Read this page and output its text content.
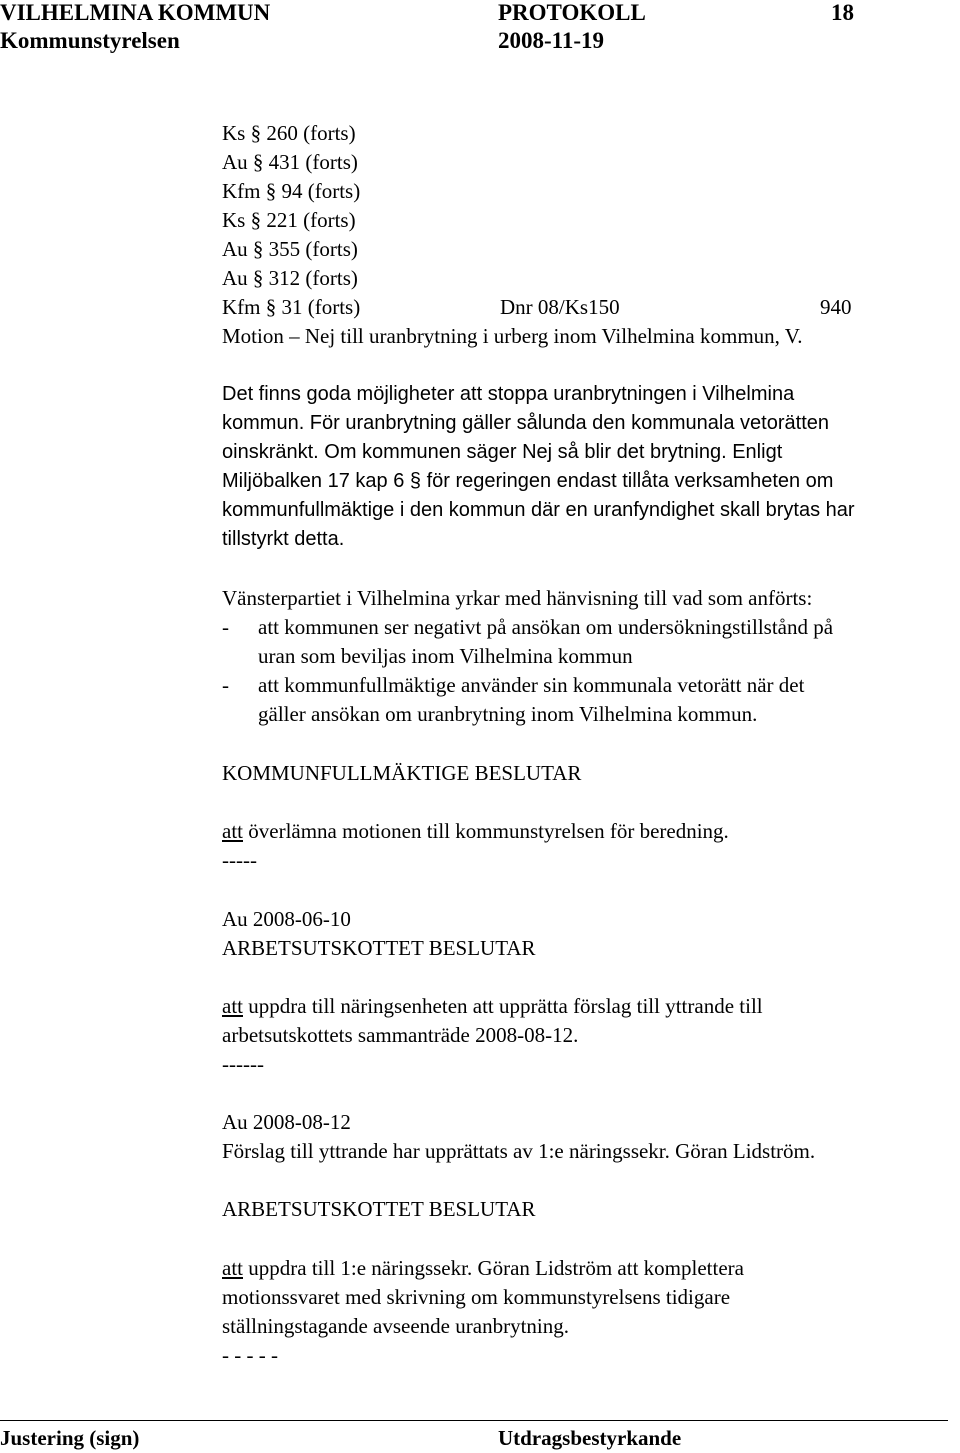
VILHELMINA KOMMUN	PROTOKOLL	18
Kommunstyrelsen	2008-11-19
Ks § 260 (forts)
Au § 431 (forts)
Kfm § 94 (forts)
Ks § 221 (forts)
Au § 355 (forts)
Au § 312 (forts)
Kfm § 31 (forts)	Dnr 08/Ks150	940
Motion – Nej till uranbrytning i urberg inom Vilhelmina kommun, V.
Det finns goda möjligheter att stoppa uranbrytningen i Vilhelmina
kommun. För uranbrytning gäller sålunda den kommunala vetorätten
oinskränkt. Om kommunen säger Nej så blir det brytning. Enligt
Miljöbalken 17 kap 6 § för regeringen endast tillåta verksamheten om
kommunfullmäktige i den kommun där en uranfyndighet skall brytas har
tillstyrkt detta.
Vänsterpartiet i Vilhelmina yrkar med hänvisning till vad som anförts:
- att kommunen ser negativt på ansökan om undersökningstillstånd på
uran som beviljas inom Vilhelmina kommun
- att kommunfullmäktige använder sin kommunala vetorätt när det
gäller ansökan om uranbrytning inom Vilhelmina kommun.
KOMMUNFULLMÄKTIGE BESLUTAR
att överlämna motionen till kommunstyrelsen för beredning.
-----
Au 2008-06-10
ARBETSUTSKOTTET BESLUTAR
att uppdra till näringsenheten att upprätta förslag till yttrande till
arbetsutskottets sammanträde 2008-08-12.
------
Au 2008-08-12
Förslag till yttrande har upprättats av 1:e näringssekr. Göran Lidström.
ARBETSUTSKOTTET BESLUTAR
att uppdra till 1:e näringssekr. Göran Lidström att komplettera
motionssvaret med skrivning om kommunstyrelsens tidigare
ställningstagande avseende uranbrytning.
- - - - -
Justering (sign)	Utdragsbestyrkande
